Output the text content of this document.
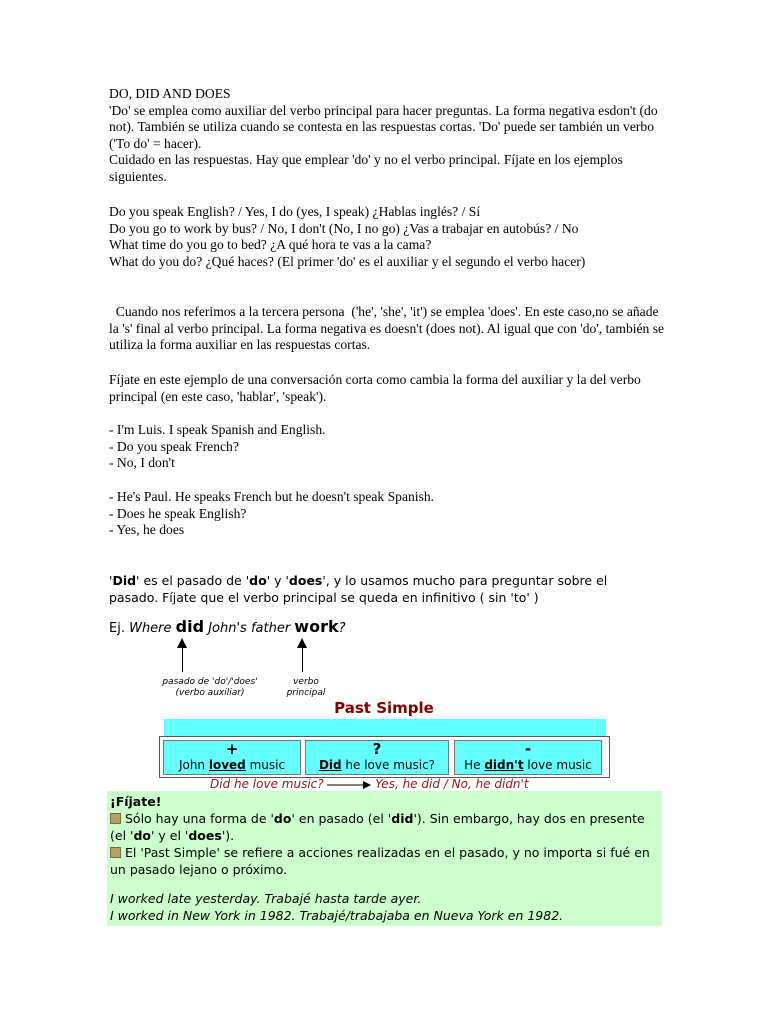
DO, DID AND DOES

'Do' se emplea como auxiliar del verbo principal para hacer preguntas. La forma negativa esdon't (do not). También se utiliza cuando se contesta en las respuestas cortas. 'Do' puede ser también un verbo ('To do' = hacer).

Cuidado en las respuestas. Hay que emplear 'do' y no el verbo principal. Fíjate en los ejemplos siguientes.

Do you speak English? / Yes, I do (yes, I speak) ¿Hablas inglés? / Sí

Do you go to work by bus? / No, I don't (No, I no go) ¿Vas a trabajar en autobús? / No

What time do you go to bed? ¿A qué hora te vas a la cama?

What do you do? ¿Qué haces? (El primer 'do' es el auxiliar y el segundo el verbo hacer)

Cuando nos referimos a la tercera persona  ('he', 'she', 'it') se emplea 'does'. En este caso,no se añade la 's' final al verbo principal. La forma negativa es doesn't (does not). Al igual que con 'do', también se utiliza la forma auxiliar en las respuestas cortas.
Fíjate en este ejemplo de una conversación corta como cambia la forma del auxiliar y la del verbo principal (en este caso, 'hablar', 'speak').

- I'm Luis. I speak Spanish and English.

- Do you speak French?

- No, I don't

- He's Paul. He speaks French but he doesn't speak Spanish.

- Does he speak English?

- Yes, he does

'Did' es el pasado de 'do' y 'does', y lo usamos mucho para preguntar sobre el pasado. Fíjate que el verbo principal se queda en infinitivo ( sin 'to' )
Ej. Where did John's father work?
pasado de 'do'/'does'
(verbo auxiliar)
verbo
principal
Past Simple
+
John loved music
?
Did he love music?
-
He didn't love music
Did he love music?	Yes, he did / No, he didn't
¡Fíjate!
Sólo hay una forma de 'do' en pasado (el 'did'). Sin embargo, hay dos en presente (el 'do' y el 'does').
El 'Past Simple' se refiere a acciones realizadas en el pasado, y no importa si fué en un pasado lejano o próximo.
I worked late yesterday. Trabajé hasta tarde ayer.
I worked in New York in 1982. Trabajé/trabajaba en Nueva York en 1982.
